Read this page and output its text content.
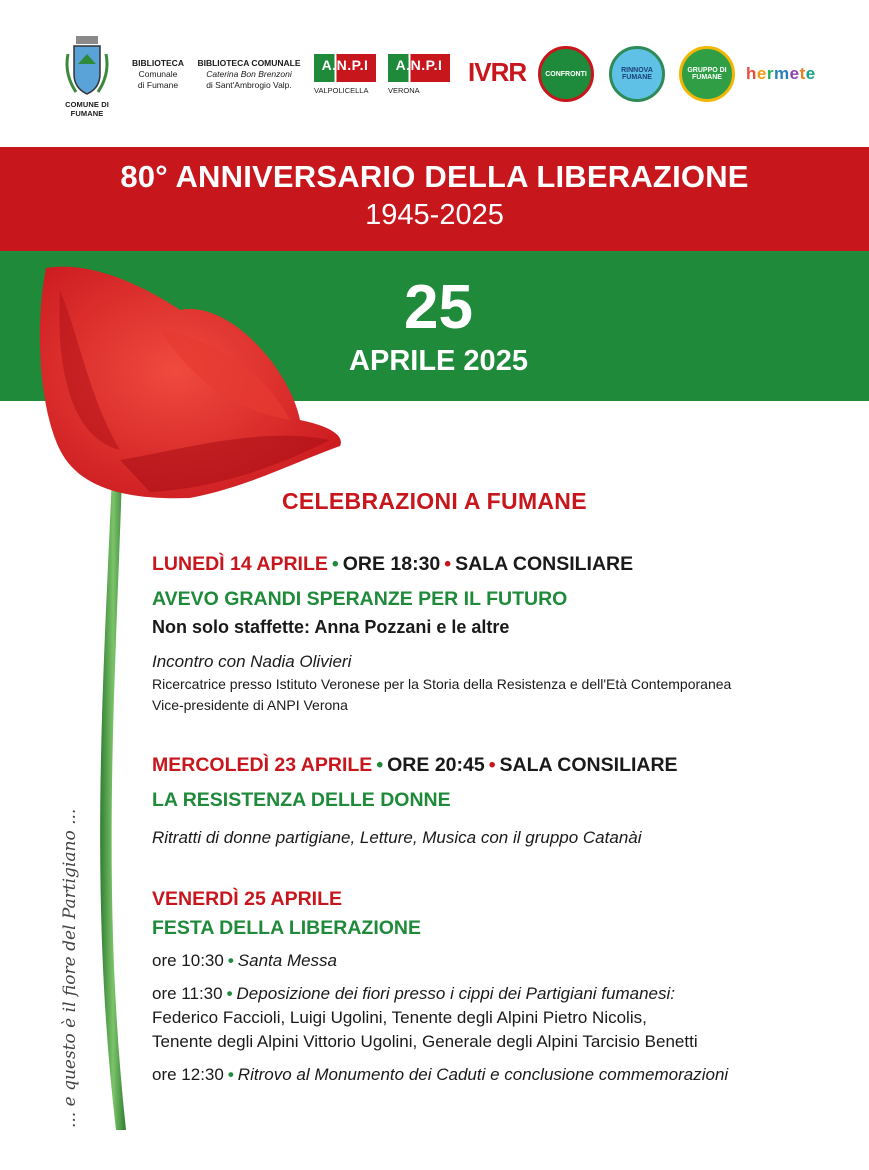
COMUNE DI FUMANE
BIBLIOTECA
Comunale
di Fumane
BIBLIOTECA COMUNALE
Caterina Bon Brenzoni
di Sant'Ambrogio Valp.
A.N.P.I
VALPOLICELLA
A.N.P.I
VERONA
IVRR	CONFRONTI	RINNOVA FUMANE
GRUPPO DI FUMANE	hermete
80° ANNIVERSARIO DELLA LIBERAZIONE
1945-2025
25
APRILE 2025
... e questo è il fiore del Partigiano ...
CELEBRAZIONI A FUMANE
LUNEDÌ 14 APRILE • ORE 18:30 • SALA CONSILIARE
AVEVO GRANDI SPERANZE PER IL FUTURO
Non solo staffette: Anna Pozzani e le altre
Incontro con Nadia Olivieri
Ricercatrice presso Istituto Veronese per la Storia della Resistenza e dell'Età Contemporanea
Vice-presidente di ANPI Verona
MERCOLEDÌ 23 APRILE • ORE 20:45 • SALA CONSILIARE
LA RESISTENZA DELLE DONNE
Ritratti di donne partigiane, Letture, Musica con il gruppo Catanài
VENERDÌ 25 APRILE
FESTA DELLA LIBERAZIONE
ore 10:30 • Santa Messa
ore 11:30 • Deposizione dei fiori presso i cippi dei Partigiani fumanesi:
Federico Faccioli, Luigi Ugolini, Tenente degli Alpini Pietro Nicolis,
Tenente degli Alpini Vittorio Ugolini, Generale degli Alpini Tarcisio Benetti
ore 12:30 • Ritrovo al Monumento dei Caduti e conclusione commemorazioni
